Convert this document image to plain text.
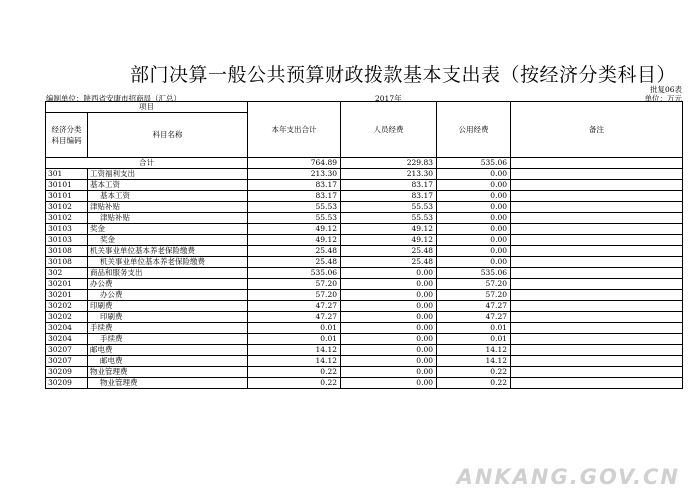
部门决算一般公共预算财政拨款基本支出表（按经济分类科目）
批复06表
编制单位：陕西省安康市招商局（汇总）	2017年	单位：万元
项目		本年支出合计	人员经费	公用经费	备注
经济分类科目编码	科目名称				
合计		764.89	229.83	535.06	
301	工资福利支出	213.30	213.30	0.00	
30101	基本工资	83.17	83.17	0.00	
30101	基本工资	83.17	83.17	0.00	
30102	津贴补贴	55.53	55.53	0.00	
30102	津贴补贴	55.53	55.53	0.00	
30103	奖金	49.12	49.12	0.00	
30103	奖金	49.12	49.12	0.00	
30108	机关事业单位基本养老保险缴费	25.48	25.48	0.00	
30108	机关事业单位基本养老保险缴费	25.48	25.48	0.00	
302	商品和服务支出	535.06	0.00	535.06	
30201	办公费	57.20	0.00	57.20	
30201	办公费	57.20	0.00	57.20	
30202	印刷费	47.27	0.00	47.27	
30202	印刷费	47.27	0.00	47.27	
30204	手续费	0.01	0.00	0.01	
30204	手续费	0.01	0.00	0.01	
30207	邮电费	14.12	0.00	14.12	
30207	邮电费	14.12	0.00	14.12	
30209	物业管理费	0.22	0.00	0.22	
30209	物业管理费	0.22	0.00	0.22	
ANKANG.GOV.CN
